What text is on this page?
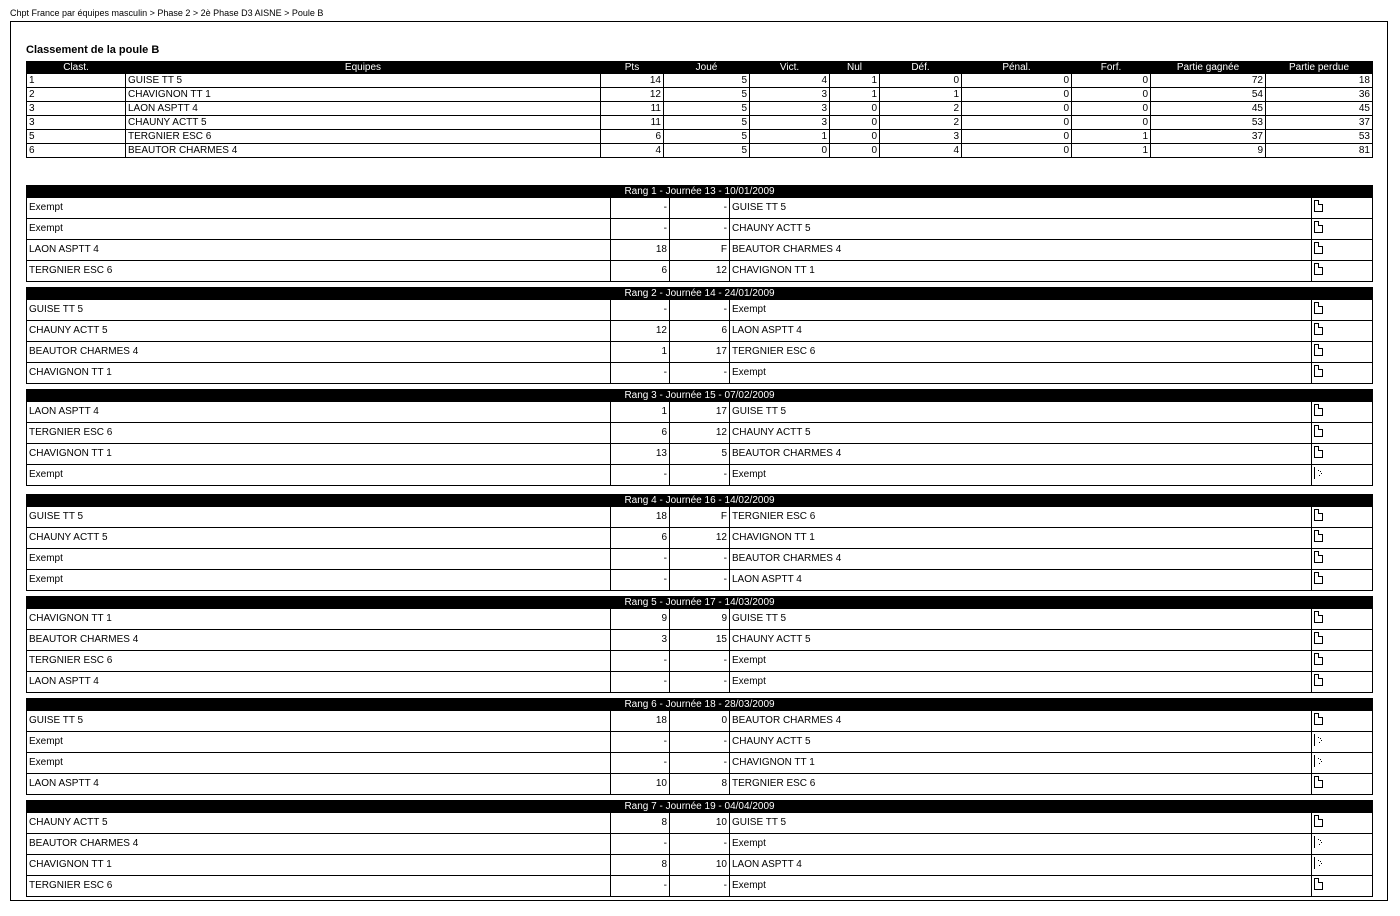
Chpt France par équipes masculin > Phase 2 > 2è Phase D3 AISNE > Poule B
Classement de la poule B
Clast.	Equipes	Pts	Joué	Vict.	Nul	Déf.	Pénal.	Forf.	Partie gagnée	Partie perdue
1	GUISE TT 5	14	5	4	1	0	0	0	72	18
2	CHAVIGNON TT 1	12	5	3	1	1	0	0	54	36
3	LAON ASPTT 4	11	5	3	0	2	0	0	45	45
3	CHAUNY ACTT 5	11	5	3	0	2	0	0	53	37
5	TERGNIER ESC 6	6	5	1	0	3	0	1	37	53
6	BEAUTOR CHARMES 4	4	5	0	0	4	0	1	9	81
Rang 1 - Journée 13 - 10/01/2009				
Exempt	-	-	GUISE TT 5	
Exempt	-	-	CHAUNY ACTT 5	
LAON ASPTT 4	18	F	BEAUTOR CHARMES 4	
TERGNIER ESC 6	6	12	CHAVIGNON TT 1	
Rang 2 - Journée 14 - 24/01/2009				
GUISE TT 5	-	-	Exempt	
CHAUNY ACTT 5	12	6	LAON ASPTT 4	
BEAUTOR CHARMES 4	1	17	TERGNIER ESC 6	
CHAVIGNON TT 1	-	-	Exempt	
Rang 3 - Journée 15 - 07/02/2009				
LAON ASPTT 4	1	17	GUISE TT 5	
TERGNIER ESC 6	6	12	CHAUNY ACTT 5	
CHAVIGNON TT 1	13	5	BEAUTOR CHARMES 4	
Exempt	-	-	Exempt	
Rang 4 - Journée 16 - 14/02/2009				
GUISE TT 5	18	F	TERGNIER ESC 6	
CHAUNY ACTT 5	6	12	CHAVIGNON TT 1	
Exempt	-	-	BEAUTOR CHARMES 4	
Exempt	-	-	LAON ASPTT 4	
Rang 5 - Journée 17 - 14/03/2009				
CHAVIGNON TT 1	9	9	GUISE TT 5	
BEAUTOR CHARMES 4	3	15	CHAUNY ACTT 5	
TERGNIER ESC 6	-	-	Exempt	
LAON ASPTT 4	-	-	Exempt	
Rang 6 - Journée 18 - 28/03/2009				
GUISE TT 5	18	0	BEAUTOR CHARMES 4	
Exempt	-	-	CHAUNY ACTT 5	
Exempt	-	-	CHAVIGNON TT 1	
LAON ASPTT 4	10	8	TERGNIER ESC 6	
Rang 7 - Journée 19 - 04/04/2009				
CHAUNY ACTT 5	8	10	GUISE TT 5	
BEAUTOR CHARMES 4	-	-	Exempt	
CHAVIGNON TT 1	8	10	LAON ASPTT 4	
TERGNIER ESC 6	-	-	Exempt	
